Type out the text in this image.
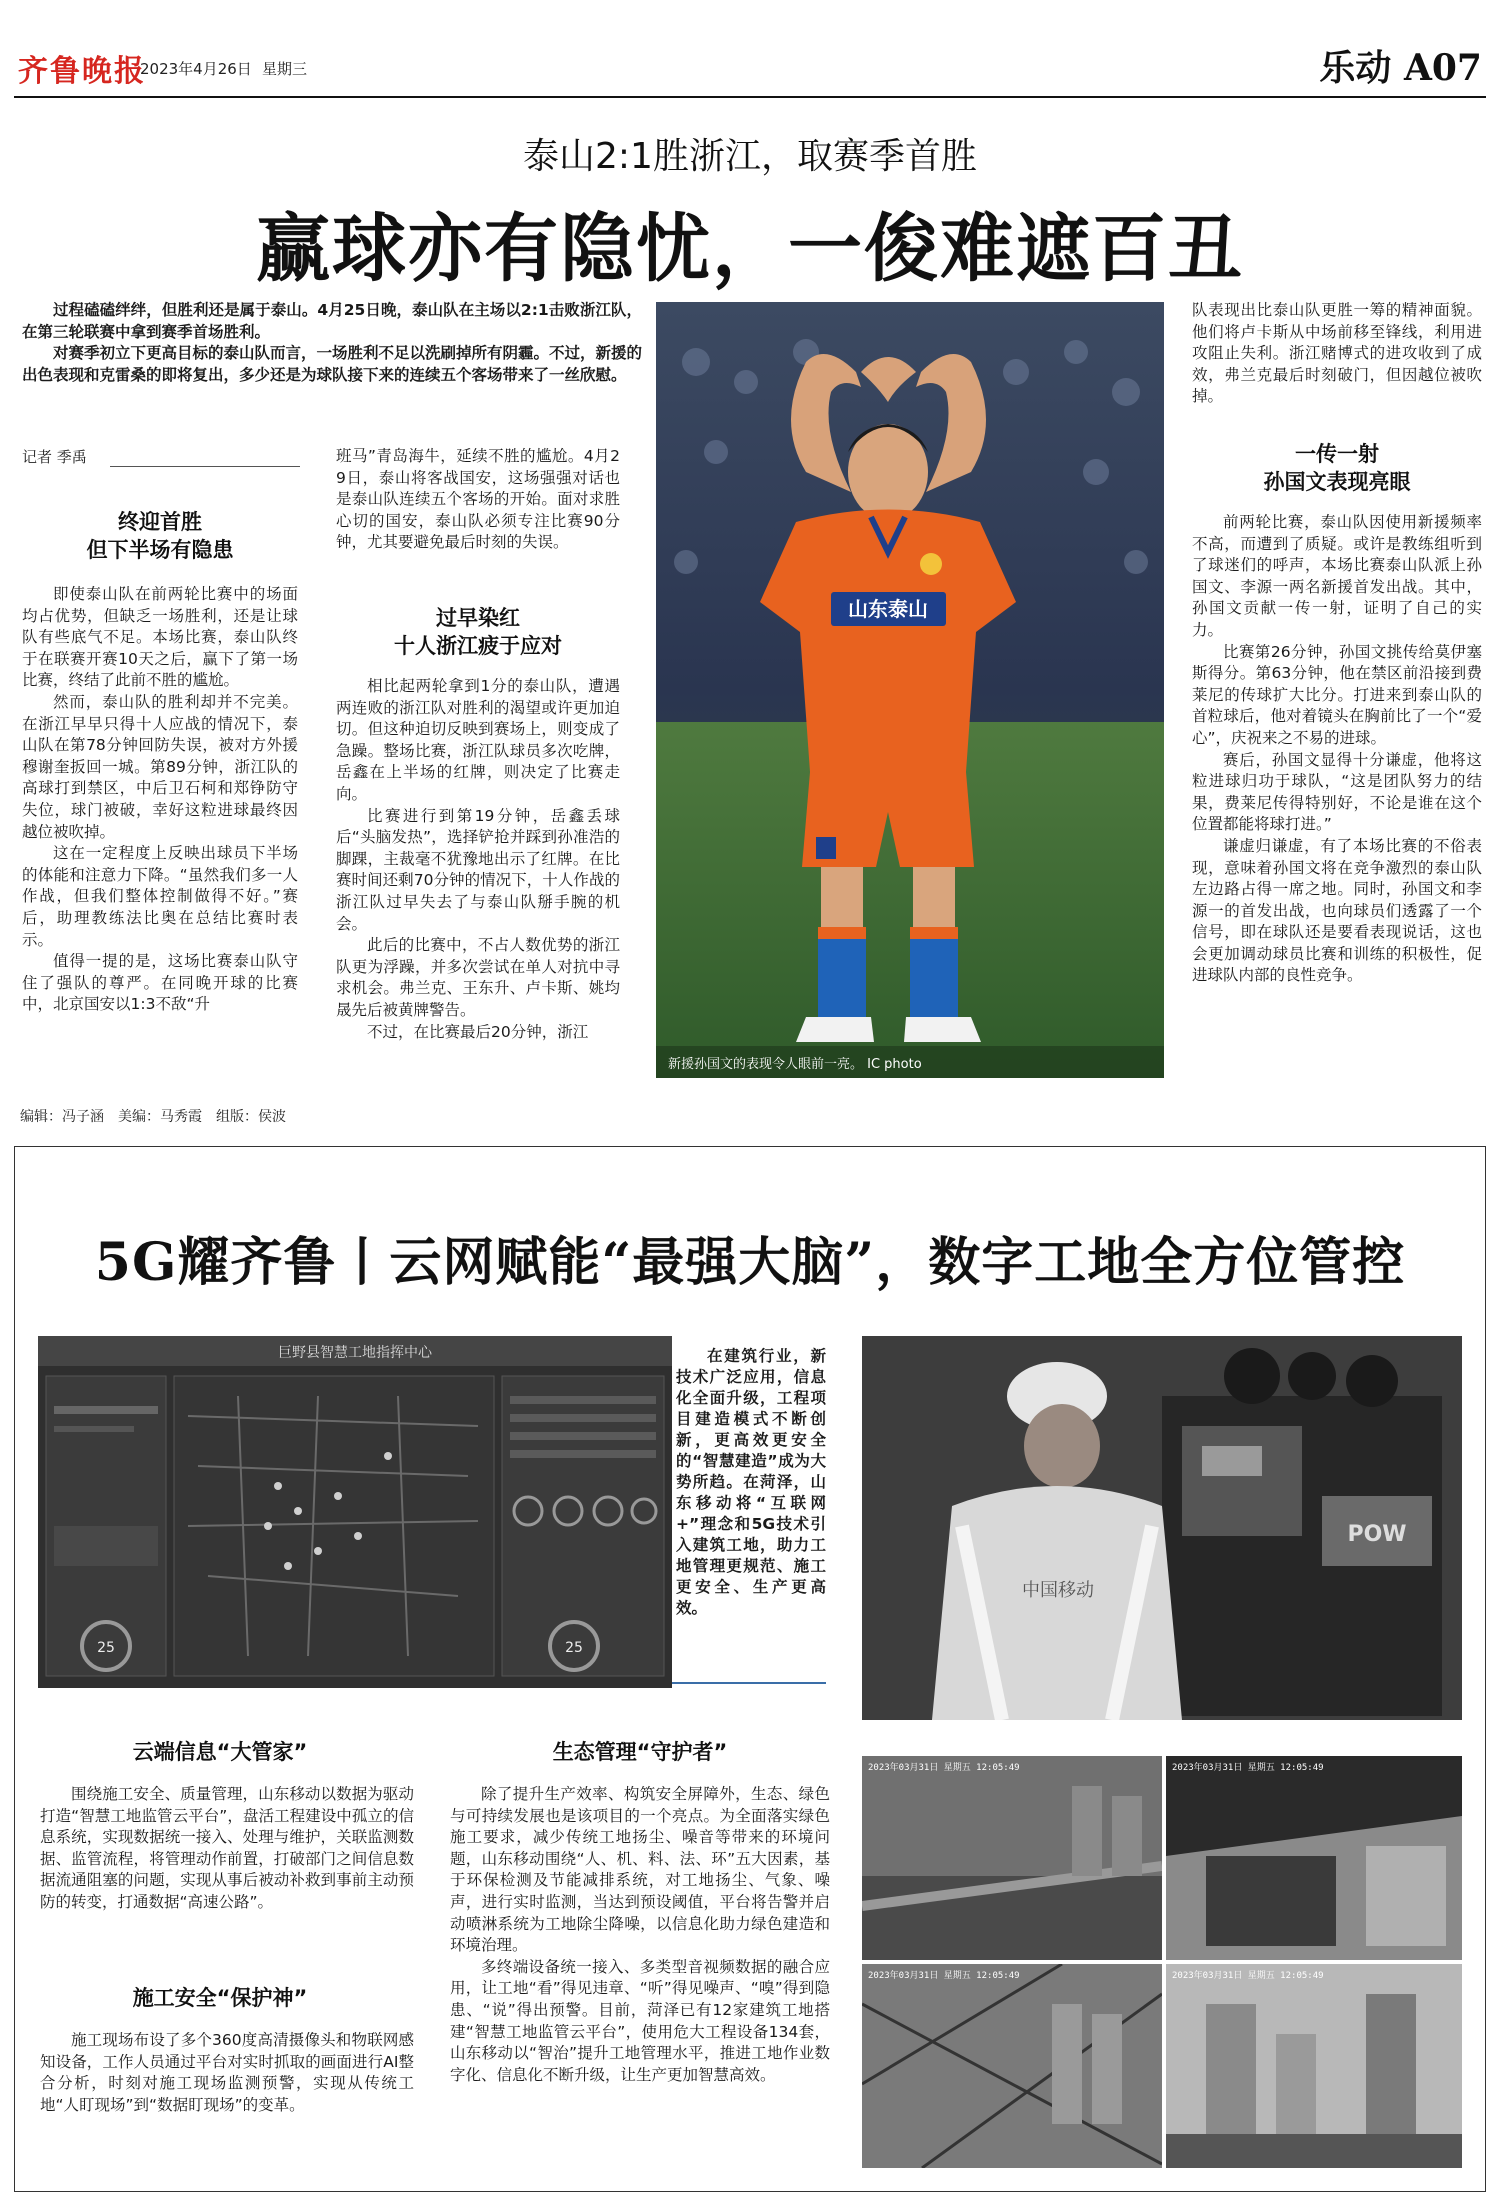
齐鲁晚报
2023年4月26日 星期三	乐动 A07
泰山2:1胜浙江，取赛季首胜
赢球亦有隐忧，一俊难遮百丑

过程磕磕绊绊，但胜利还是属于泰山。4月25日晚，泰山队在主场以2:1击败浙江队，在第三轮联赛中拿到赛季首场胜利。

对赛季初立下更高目标的泰山队而言，一场胜利不足以洗刷掉所有阴霾。不过，新援的出色表现和克雷桑的即将复出，多少还是为球队接下来的连续五个客场带来了一丝欣慰。

记者 季禹
终迎首胜
但下半场有隐患

即使泰山队在前两轮比赛中的场面均占优势，但缺乏一场胜利，还是让球队有些底气不足。本场比赛，泰山队终于在联赛开赛10天之后，赢下了第一场比赛，终结了此前不胜的尴尬。

然而，泰山队的胜利却并不完美。在浙江早早只得十人应战的情况下，泰山队在第78分钟回防失误，被对方外援穆谢奎扳回一城。第89分钟，浙江队的高球打到禁区，中后卫石柯和郑铮防守失位，球门被破，幸好这粒进球最终因越位被吹掉。

这在一定程度上反映出球员下半场的体能和注意力下降。“虽然我们多一人作战，但我们整体控制做得不好。”赛后，助理教练法比奥在总结比赛时表示。

值得一提的是，这场比赛泰山队守住了强队的尊严。在同晚开球的比赛中，北京国安以1:3不敌“升

班马”青岛海牛，延续不胜的尴尬。4月29日，泰山将客战国安，这场强强对话也是泰山队连续五个客场的开始。面对求胜心切的国安，泰山队必须专注比赛90分钟，尤其要避免最后时刻的失误。

过早染红
十人浙江疲于应对

相比起两轮拿到1分的泰山队，遭遇两连败的浙江队对胜利的渴望或许更加迫切。但这种迫切反映到赛场上，则变成了急躁。整场比赛，浙江队球员多次吃牌，岳鑫在上半场的红牌，则决定了比赛走向。

比赛进行到第19分钟，岳鑫丢球后“头脑发热”，选择铲抢并踩到孙准浩的脚踝，主裁毫不犹豫地出示了红牌。在比赛时间还剩70分钟的情况下，十人作战的浙江队过早失去了与泰山队掰手腕的机会。

此后的比赛中，不占人数优势的浙江队更为浮躁，并多次尝试在单人对抗中寻求机会。弗兰克、王东升、卢卡斯、姚均晟先后被黄牌警告。

不过，在比赛最后20分钟，浙江

山东泰山
新援孙国文的表现令人眼前一亮。 IC photo

队表现出比泰山队更胜一筹的精神面貌。他们将卢卡斯从中场前移至锋线，利用进攻阻止失利。浙江赌博式的进攻收到了成效，弗兰克最后时刻破门，但因越位被吹掉。

一传一射
孙国文表现亮眼

前两轮比赛，泰山队因使用新援频率不高，而遭到了质疑。或许是教练组听到了球迷们的呼声，本场比赛泰山队派上孙国文、李源一两名新援首发出战。其中，孙国文贡献一传一射，证明了自己的实力。

比赛第26分钟，孙国文挑传给莫伊塞斯得分。第63分钟，他在禁区前沿接到费莱尼的传球扩大比分。打进来到泰山队的首粒球后，他对着镜头在胸前比了一个“爱心”，庆祝来之不易的进球。

赛后，孙国文显得十分谦虚，他将这粒进球归功于球队，“这是团队努力的结果，费莱尼传得特别好，不论是谁在这个位置都能将球打进。”

谦虚归谦虚，有了本场比赛的不俗表现，意味着孙国文将在竞争激烈的泰山队左边路占得一席之地。同时，孙国文和李源一的首发出战，也向球员们透露了一个信号，即在球队还是要看表现说话，这也会更加调动球员比赛和训练的积极性，促进球队内部的良性竞争。

编辑：冯子涵　美编：马秀霞　组版：侯波
5G耀齐鲁丨云网赋能“最强大脑”，数字工地全方位管控
巨野县智慧工地指挥中心
25	25

在建筑行业，新技术广泛应用，信息化全面升级，工程项目建造模式不断创新，更高效更安全的“智慧建造”成为大势所趋。在菏泽，山东移动将“互联网+”理念和5G技术引入建筑工地，助力工地管理更规范、施工更安全、生产更高效。

POW
中国移动
云端信息“大管家”

围绕施工安全、质量管理，山东移动以数据为驱动打造“智慧工地监管云平台”，盘活工程建设中孤立的信息系统，实现数据统一接入、处理与维护，关联监测数据、监管流程，将管理动作前置，打破部门之间信息数据流通阻塞的问题，实现从事后被动补救到事前主动预防的转变，打通数据“高速公路”。

施工安全“保护神”

施工现场布设了多个360度高清摄像头和物联网感知设备，工作人员通过平台对实时抓取的画面进行AI整合分析，时刻对施工现场监测预警，实现从传统工地“人盯现场”到“数据盯现场”的变革。

生态管理“守护者”

除了提升生产效率、构筑安全屏障外，生态、绿色与可持续发展也是该项目的一个亮点。为全面落实绿色施工要求，减少传统工地扬尘、噪音等带来的环境问题，山东移动围绕“人、机、料、法、环”五大因素，基于环保检测及节能减排系统，对工地扬尘、气象、噪声，进行实时监测，当达到预设阈值，平台将告警并启动喷淋系统为工地除尘降噪，以信息化助力绿色建造和环境治理。

多终端设备统一接入、多类型音视频数据的融合应用，让工地“看”得见违章、“听”得见噪声、“嗅”得到隐患、“说”得出预警。目前，菏泽已有12家建筑工地搭建“智慧工地监管云平台”，使用危大工程设备134套，山东移动以“智治”提升工地管理水平，推进工地作业数字化、信息化不断升级，让生产更加智慧高效。

2023年03月31日 星期五 12:05:49	2023年03月31日 星期五 12:05:49
2023年03月31日 星期五 12:05:49	2023年03月31日 星期五 12:05:49
